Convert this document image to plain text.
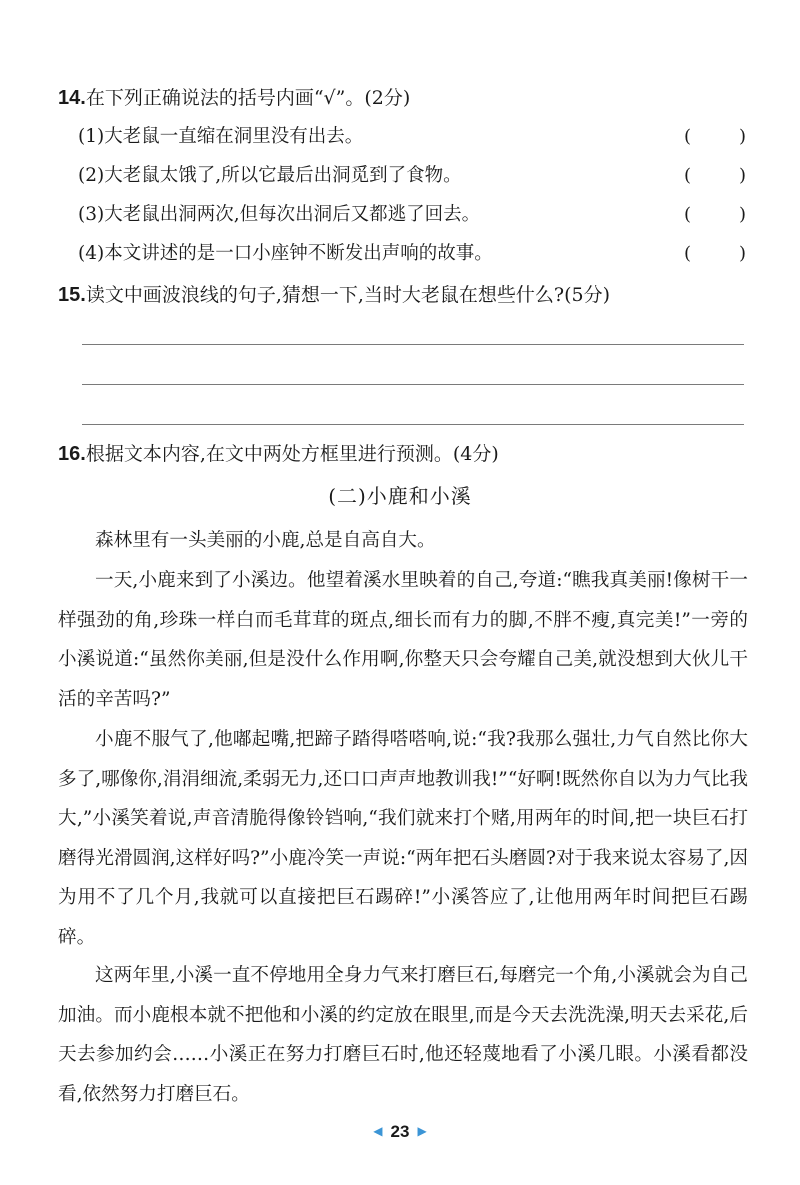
14.在下列正确说法的括号内画“√”。(2分)
(1)大老鼠一直缩在洞里没有出去。	(	)
(2)大老鼠太饿了,所以它最后出洞觅到了食物。	(	)
(3)大老鼠出洞两次,但每次出洞后又都逃了回去。	(	)
(4)本文讲述的是一口小座钟不断发出声响的故事。	(	)
15.读文中画波浪线的句子,猜想一下,当时大老鼠在想些什么?(5分)
16.根据文本内容,在文中两处方框里进行预测。(4分)
(二)小鹿和小溪

森林里有一头美丽的小鹿,总是自高自大。

一天,小鹿来到了小溪边。他望着溪水里映着的自己,夸道:“瞧我真美丽!像树干一样强劲的角,珍珠一样白而毛茸茸的斑点,细长而有力的脚,不胖不瘦,真完美!”一旁的小溪说道:“虽然你美丽,但是没什么作用啊,你整天只会夸耀自己美,就没想到大伙儿干活的辛苦吗?”

小鹿不服气了,他嘟起嘴,把蹄子踏得嗒嗒响,说:“我?我那么强壮,力气自然比你大多了,哪像你,涓涓细流,柔弱无力,还口口声声地教训我!”“好啊!既然你自以为力气比我大,”小溪笑着说,声音清脆得像铃铛响,“我们就来打个赌,用两年的时间,把一块巨石打磨得光滑圆润,这样好吗?”小鹿冷笑一声说:“两年把石头磨圆?对于我来说太容易了,因为用不了几个月,我就可以直接把巨石踢碎!”小溪答应了,让他用两年时间把巨石踢碎。

这两年里,小溪一直不停地用全身力气来打磨巨石,每磨完一个角,小溪就会为自己加油。而小鹿根本就不把他和小溪的约定放在眼里,而是今天去洗洗澡,明天去采花,后天去参加约会……小溪正在努力打磨巨石时,他还轻蔑地看了小溪几眼。小溪看都没看,依然努力打磨巨石。

◀ 23 ▶
